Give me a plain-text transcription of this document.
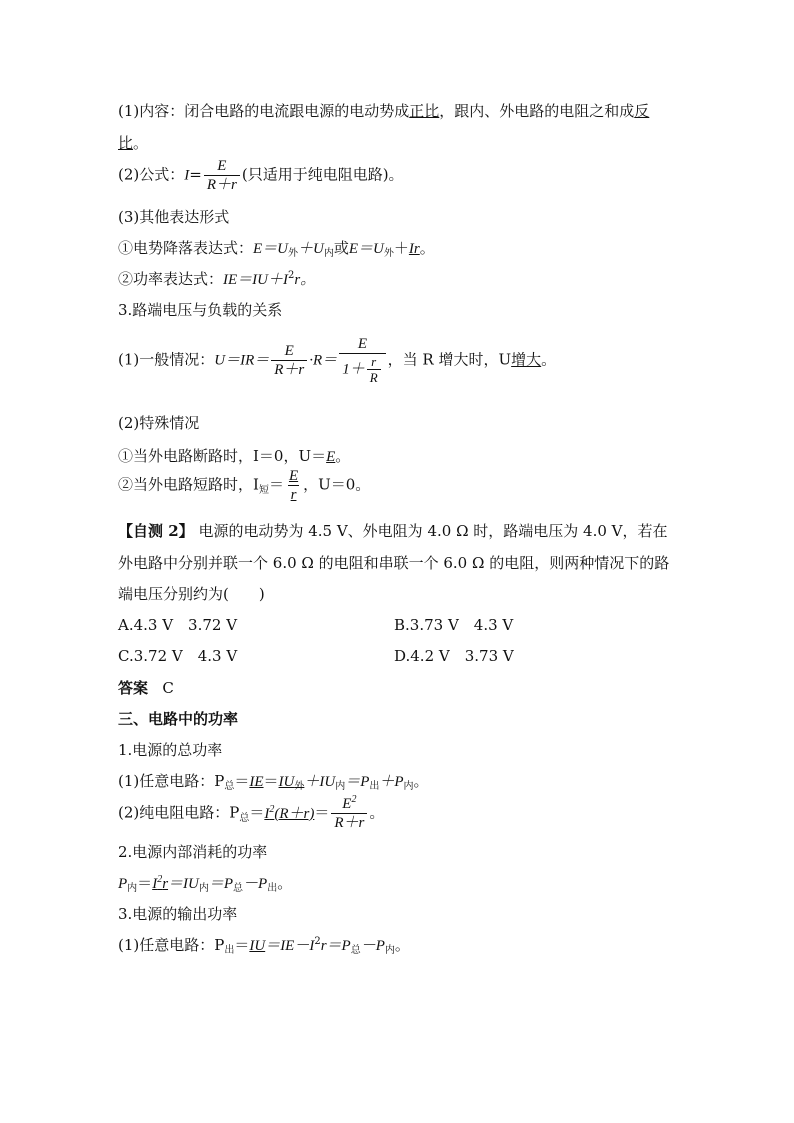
(1)内容：闭合电路的电流跟电源的电动势成正比，跟内、外电路的电阻之和成反
比。
(2)公式：$I= \frac{E}{R+r}$ (只适用于纯电阻电路)。
(3)其他表达形式
①电势降落表达式：$E=U_外+U_内$或$E=U_外+Ir$。
②功率表达式：$IE=IU+I^2r$。
3.路端电压与负载的关系
(1)一般情况：$U=IR= \frac{E}{R+r} \cdot R= \frac{E}{1+ \frac{r}{R}}$ ，当 R 增大时，U增大。
(2)特殊情况
①当外电路断路时，I＝0，U＝E。
②当外电路短路时，$I_短= \frac{E}{r}$ ，U＝0。
【自测 2】 电源的电动势为 4.5 V、外电阻为 4.0 Ω 时，路端电压为 4.0 V，若在
外电路中分别并联一个 6.0 Ω 的电阻和串联一个 6.0 Ω 的电阻，则两种情况下的路
端电压分别约为(　　)
A.4.3 V　3.72 V	B.3.73 V　4.3 V
C.3.72 V　4.3 V	D.4.2 V　3.73 V
答案 C
三、电路中的功率
1.电源的总功率
(1)任意电路：$P_总=IE=IU_外+IU_内=P_出+P_内$。
(2)纯电阻电路：$P_总=I^2(R+r)= \frac{E^2}{R+r}$ 。
2.电源内部消耗的功率
$P_内=I^2r=IU_内=P_总-P_出$。
3.电源的输出功率
(1)任意电路：$P_出=IU=IE-I^2r=P_总-P_内$。
